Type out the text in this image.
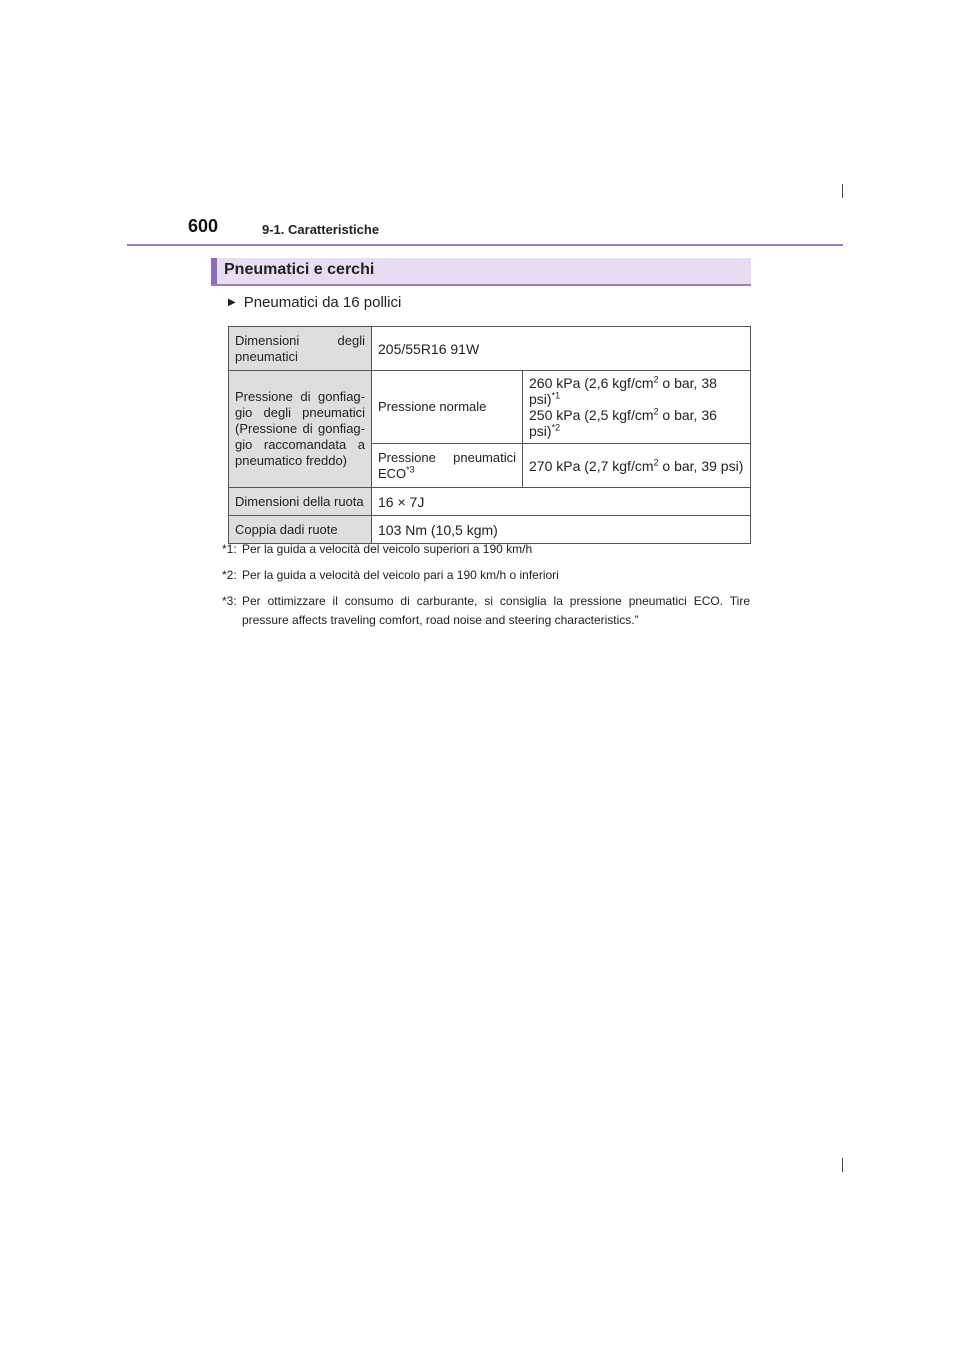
600	9-1. Caratteristiche
Pneumatici e cerchi
▶ Pneumatici da 16 pollici
Dimensioni degli pneumatici	205/55R16 91W	
Pressione di gonfiag-gio degli pneumatici (Pressione di gonfiag-gio raccomandata a pneumatico freddo)	Pressione normale	260 kPa (2,6 kgf/$cm^2$ o bar, 38 psi)$^{*1}$
250 kPa (2,5 kgf/$cm^2$ o bar, 36 psi)$^{*2}$
	Pressione pneumatici ECO$^{*3}$	270 kPa (2,7 kgf/$cm^2$ o bar, 39 psi)
Dimensioni della ruota	16 × 7J	
Coppia dadi ruote	103 Nm (10,5 kgm)	
*1: Per la guida a velocità del veicolo superiori a 190 km/h
*2: Per la guida a velocità del veicolo pari a 190 km/h o inferiori
*3: Per ottimizzare il consumo di carburante, si consiglia la pressione pneumatici ECO. Tire pressure affects traveling comfort, road noise and steering characteristics.”
